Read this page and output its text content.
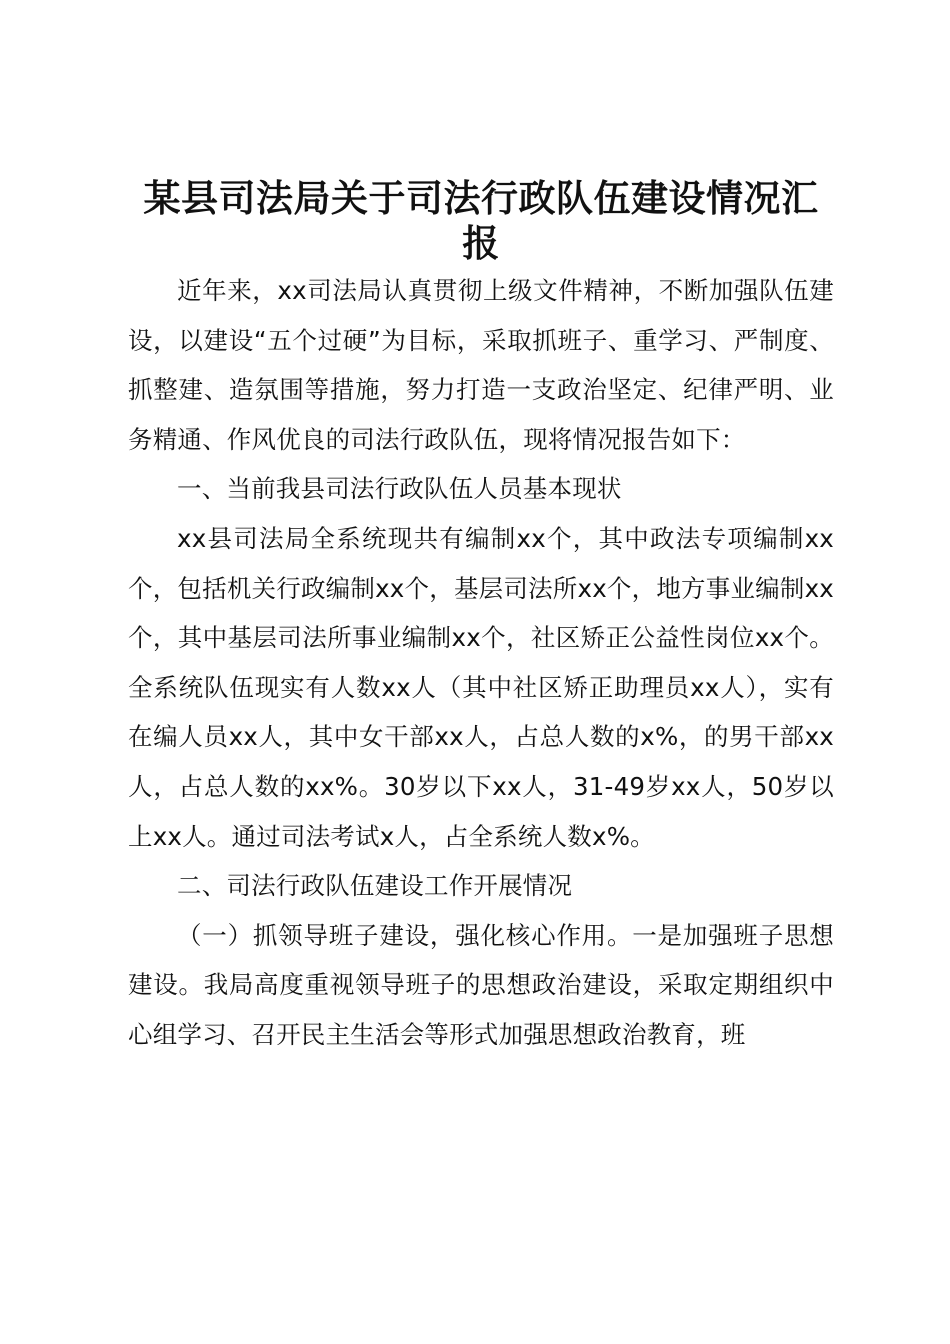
某县司法局关于司法行政队伍建设情况汇报

近年来，xx司法局认真贯彻上级文件精神，不断加强队伍建设，以建设“五个过硬”为目标，采取抓班子、重学习、严制度、抓整建、造氛围等措施，努力打造一支政治坚定、纪律严明、业务精通、作风优良的司法行政队伍，现将情况报告如下：

一、当前我县司法行政队伍人员基本现状

xx县司法局全系统现共有编制xx个，其中政法专项编制xx个，包括机关行政编制xx个，基层司法所xx个，地方事业编制xx个，其中基层司法所事业编制xx个，社区矫正公益性岗位xx个。全系统队伍现实有人数xx人（其中社区矫正助理员xx人），实有在编人员xx人，其中女干部xx人，占总人数的x%，的男干部xx人，占总人数的xx%。30岁以下xx人，31-49岁xx人，50岁以上xx人。通过司法考试x人，占全系统人数x%。

二、司法行政队伍建设工作开展情况

（一）抓领导班子建设，强化核心作用。一是加强班子思想建设。我局高度重视领导班子的思想政治建设，采取定期组织中心组学习、召开民主生活会等形式加强思想政治教育，班
